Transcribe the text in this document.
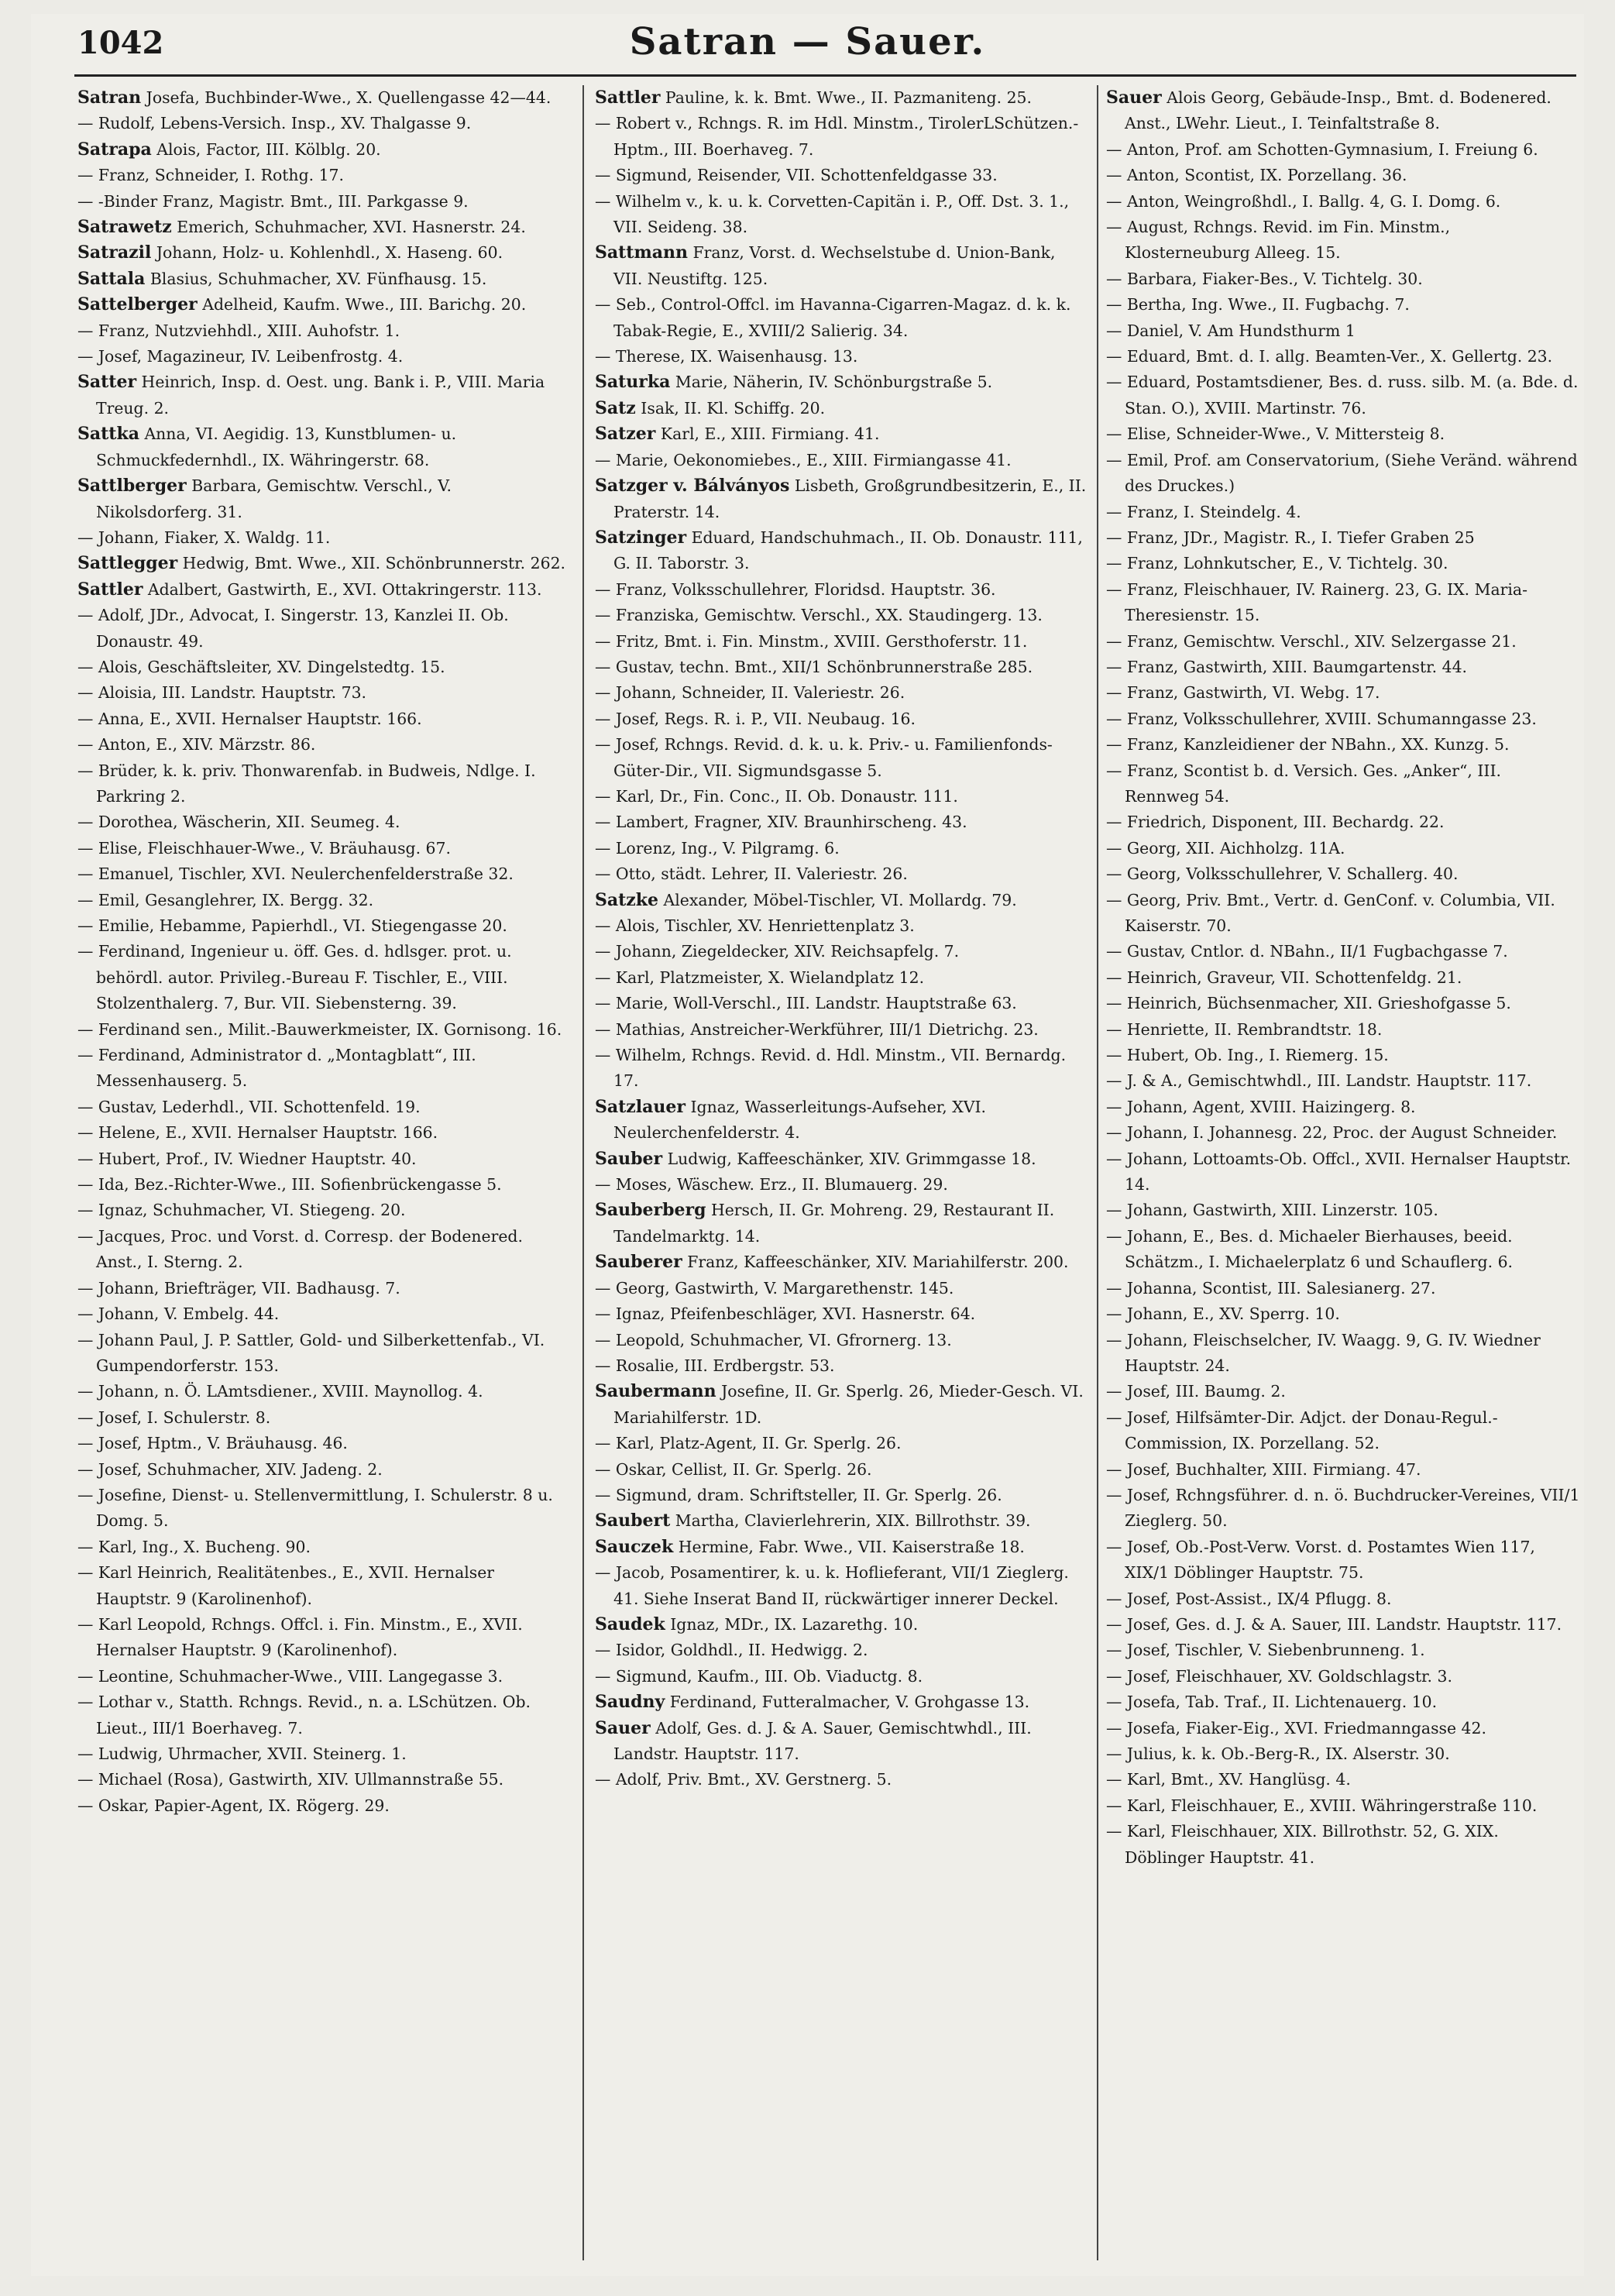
1042	Satran — Sauer.
Satran Josefa, Buchbinder-Wwe., X. Quellengasse 42—44.
— Rudolf, Lebens-Versich. Insp., XV. Thalgasse 9.
Satrapa Alois, Factor, III. Kölblg. 20.
— Franz, Schneider, I. Rothg. 17.
— -Binder Franz, Magistr. Bmt., III. Parkgasse 9.
Satrawetz Emerich, Schuhmacher, XVI. Hasnerstr. 24.
Satrazil Johann, Holz- u. Kohlenhdl., X. Haseng. 60.
Sattala Blasius, Schuhmacher, XV. Fünfhausg. 15.
Sattelberger Adelheid, Kaufm. Wwe., III. Barichg. 20.
— Franz, Nutzviehhdl., XIII. Auhofstr. 1.
— Josef, Magazineur, IV. Leibenfrostg. 4.
Satter Heinrich, Insp. d. Oest. ung. Bank i. P., VIII. Maria Treug. 2.
Sattka Anna, VI. Aegidig. 13, Kunstblumen- u. Schmuckfedernhdl., IX. Währingerstr. 68.
Sattlberger Barbara, Gemischtw. Verschl., V. Nikolsdorferg. 31.
— Johann, Fiaker, X. Waldg. 11.
Sattlegger Hedwig, Bmt. Wwe., XII. Schönbrunnerstr. 262.
Sattler Adalbert, Gastwirth, E., XVI. Ottakringerstr. 113.
— Adolf, JDr., Advocat, I. Singerstr. 13, Kanzlei II. Ob. Donaustr. 49.
— Alois, Geschäftsleiter, XV. Dingelstedtg. 15.
— Aloisia, III. Landstr. Hauptstr. 73.
— Anna, E., XVII. Hernalser Hauptstr. 166.
— Anton, E., XIV. Märzstr. 86.
— Brüder, k. k. priv. Thonwarenfab. in Budweis, Ndlge. I. Parkring 2.
— Dorothea, Wäscherin, XII. Seumeg. 4.
— Elise, Fleischhauer-Wwe., V. Bräuhausg. 67.
— Emanuel, Tischler, XVI. Neulerchenfelderstraße 32.
— Emil, Gesanglehrer, IX. Bergg. 32.
— Emilie, Hebamme, Papierhdl., VI. Stiegengasse 20.
— Ferdinand, Ingenieur u. öff. Ges. d. hdlsger. prot. u. behördl. autor. Privileg.-Bureau F. Tischler, E., VIII. Stolzenthalerg. 7, Bur. VII. Siebensterng. 39.
— Ferdinand sen., Milit.-Bauwerkmeister, IX. Gornisong. 16.
— Ferdinand, Administrator d. „Montagblatt“, III. Messenhauserg. 5.
— Gustav, Lederhdl., VII. Schottenfeld. 19.
— Helene, E., XVII. Hernalser Hauptstr. 166.
— Hubert, Prof., IV. Wiedner Hauptstr. 40.
— Ida, Bez.-Richter-Wwe., III. Sofienbrückengasse 5.
— Ignaz, Schuhmacher, VI. Stiegeng. 20.
— Jacques, Proc. und Vorst. d. Corresp. der Bodenered. Anst., I. Sterng. 2.
— Johann, Briefträger, VII. Badhausg. 7.
— Johann, V. Embelg. 44.
— Johann Paul, J. P. Sattler, Gold- und Silberkettenfab., VI. Gumpendorferstr. 153.
— Johann, n. Ö. LAmtsdiener., XVIII. Maynollog. 4.
— Josef, I. Schulerstr. 8.
— Josef, Hptm., V. Bräuhausg. 46.
— Josef, Schuhmacher, XIV. Jadeng. 2.
— Josefine, Dienst- u. Stellenvermittlung, I. Schulerstr. 8 u. Domg. 5.
— Karl, Ing., X. Bucheng. 90.
— Karl Heinrich, Realitätenbes., E., XVII. Hernalser Hauptstr. 9 (Karolinenhof).
— Karl Leopold, Rchngs. Offcl. i. Fin. Minstm., E., XVII. Hernalser Hauptstr. 9 (Karolinenhof).
— Leontine, Schuhmacher-Wwe., VIII. Langegasse 3.
— Lothar v., Statth. Rchngs. Revid., n. a. LSchützen. Ob. Lieut., III/1 Boerhaveg. 7.
— Ludwig, Uhrmacher, XVII. Steinerg. 1.
— Michael (Rosa), Gastwirth, XIV. Ullmannstraße 55.
— Oskar, Papier-Agent, IX. Rögerg. 29.
Sattler Pauline, k. k. Bmt. Wwe., II. Pazmaniteng. 25.
— Robert v., Rchngs. R. im Hdl. Minstm., TirolerLSchützen.-Hptm., III. Boerhaveg. 7.
— Sigmund, Reisender, VII. Schottenfeldgasse 33.
— Wilhelm v., k. u. k. Corvetten-Capitän i. P., Off. Dst. 3. 1., VII. Seideng. 38.
Sattmann Franz, Vorst. d. Wechselstube d. Union-Bank, VII. Neustiftg. 125.
— Seb., Control-Offcl. im Havanna-Cigarren-Magaz. d. k. k. Tabak-Regie, E., XVIII/2 Salierig. 34.
— Therese, IX. Waisenhausg. 13.
Saturka Marie, Näherin, IV. Schönburgstraße 5.
Satz Isak, II. Kl. Schiffg. 20.
Satzer Karl, E., XIII. Firmiang. 41.
— Marie, Oekonomiebes., E., XIII. Firmiangasse 41.
Satzger v. Bálványos Lisbeth, Großgrundbesitzerin, E., II. Praterstr. 14.
Satzinger Eduard, Handschuhmach., II. Ob. Donaustr. 111, G. II. Taborstr. 3.
— Franz, Volksschullehrer, Floridsd. Hauptstr. 36.
— Franziska, Gemischtw. Verschl., XX. Staudingerg. 13.
— Fritz, Bmt. i. Fin. Minstm., XVIII. Gersthoferstr. 11.
— Gustav, techn. Bmt., XII/1 Schönbrunnerstraße 285.
— Johann, Schneider, II. Valeriestr. 26.
— Josef, Regs. R. i. P., VII. Neubaug. 16.
— Josef, Rchngs. Revid. d. k. u. k. Priv.- u. Familienfonds-Güter-Dir., VII. Sigmundsgasse 5.
— Karl, Dr., Fin. Conc., II. Ob. Donaustr. 111.
— Lambert, Fragner, XIV. Braunhirscheng. 43.
— Lorenz, Ing., V. Pilgramg. 6.
— Otto, städt. Lehrer, II. Valeriestr. 26.
Satzke Alexander, Möbel-Tischler, VI. Mollardg. 79.
— Alois, Tischler, XV. Henriettenplatz 3.
— Johann, Ziegeldecker, XIV. Reichsapfelg. 7.
— Karl, Platzmeister, X. Wielandplatz 12.
— Marie, Woll-Verschl., III. Landstr. Hauptstraße 63.
— Mathias, Anstreicher-Werkführer, III/1 Dietrichg. 23.
— Wilhelm, Rchngs. Revid. d. Hdl. Minstm., VII. Bernardg. 17.
Satzlauer Ignaz, Wasserleitungs-Aufseher, XVI. Neulerchenfelderstr. 4.
Sauber Ludwig, Kaffeeschänker, XIV. Grimmgasse 18.
— Moses, Wäschew. Erz., II. Blumauerg. 29.
Sauberberg Hersch, II. Gr. Mohreng. 29, Restaurant II. Tandelmarktg. 14.
Sauberer Franz, Kaffeeschänker, XIV. Mariahilferstr. 200.
— Georg, Gastwirth, V. Margarethenstr. 145.
— Ignaz, Pfeifenbeschläger, XVI. Hasnerstr. 64.
— Leopold, Schuhmacher, VI. Gfrornerg. 13.
— Rosalie, III. Erdbergstr. 53.
Saubermann Josefine, II. Gr. Sperlg. 26, Mieder-Gesch. VI. Mariahilferstr. 1D.
— Karl, Platz-Agent, II. Gr. Sperlg. 26.
— Oskar, Cellist, II. Gr. Sperlg. 26.
— Sigmund, dram. Schriftsteller, II. Gr. Sperlg. 26.
Saubert Martha, Clavierlehrerin, XIX. Billrothstr. 39.
Sauczek Hermine, Fabr. Wwe., VII. Kaiserstraße 18.
— Jacob, Posamentirer, k. u. k. Hoflieferant, VII/1 Zieglerg. 41. Siehe Inserat Band II, rückwärtiger innerer Deckel.
Saudek Ignaz, MDr., IX. Lazarethg. 10.
— Isidor, Goldhdl., II. Hedwigg. 2.
— Sigmund, Kaufm., III. Ob. Viaductg. 8.
Saudny Ferdinand, Futteralmacher, V. Grohgasse 13.
Sauer Adolf, Ges. d. J. & A. Sauer, Gemischtwhdl., III. Landstr. Hauptstr. 117.
— Adolf, Priv. Bmt., XV. Gerstnerg. 5.
Sauer Alois Georg, Gebäude-Insp., Bmt. d. Bodenered. Anst., LWehr. Lieut., I. Teinfaltstraße 8.
— Anton, Prof. am Schotten-Gymnasium, I. Freiung 6.
— Anton, Scontist, IX. Porzellang. 36.
— Anton, Weingroßhdl., I. Ballg. 4, G. I. Domg. 6.
— August, Rchngs. Revid. im Fin. Minstm., Klosterneuburg Alleeg. 15.
— Barbara, Fiaker-Bes., V. Tichtelg. 30.
— Bertha, Ing. Wwe., II. Fugbachg. 7.
— Daniel, V. Am Hundsthurm 1
— Eduard, Bmt. d. I. allg. Beamten-Ver., X. Gellertg. 23.
— Eduard, Postamtsdiener, Bes. d. russ. silb. M. (a. Bde. d. Stan. O.), XVIII. Martinstr. 76.
— Elise, Schneider-Wwe., V. Mittersteig 8.
— Emil, Prof. am Conservatorium, (Siehe Veränd. während des Druckes.)
— Franz, I. Steindelg. 4.
— Franz, JDr., Magistr. R., I. Tiefer Graben 25
— Franz, Lohnkutscher, E., V. Tichtelg. 30.
— Franz, Fleischhauer, IV. Rainerg. 23, G. IX. Maria-Theresienstr. 15.
— Franz, Gemischtw. Verschl., XIV. Selzergasse 21.
— Franz, Gastwirth, XIII. Baumgartenstr. 44.
— Franz, Gastwirth, VI. Webg. 17.
— Franz, Volksschullehrer, XVIII. Schumanngasse 23.
— Franz, Kanzleidiener der NBahn., XX. Kunzg. 5.
— Franz, Scontist b. d. Versich. Ges. „Anker“, III. Rennweg 54.
— Friedrich, Disponent, III. Bechardg. 22.
— Georg, XII. Aichholzg. 11A.
— Georg, Volksschullehrer, V. Schallerg. 40.
— Georg, Priv. Bmt., Vertr. d. GenConf. v. Columbia, VII. Kaiserstr. 70.
— Gustav, Cntlor. d. NBahn., II/1 Fugbachgasse 7.
— Heinrich, Graveur, VII. Schottenfeldg. 21.
— Heinrich, Büchsenmacher, XII. Grieshofgasse 5.
— Henriette, II. Rembrandtstr. 18.
— Hubert, Ob. Ing., I. Riemerg. 15.
— J. & A., Gemischtwhdl., III. Landstr. Hauptstr. 117.
— Johann, Agent, XVIII. Haizingerg. 8.
— Johann, I. Johannesg. 22, Proc. der August Schneider.
— Johann, Lottoamts-Ob. Offcl., XVII. Hernalser Hauptstr. 14.
— Johann, Gastwirth, XIII. Linzerstr. 105.
— Johann, E., Bes. d. Michaeler Bierhauses, beeid. Schätzm., I. Michaelerplatz 6 und Schauflerg. 6.
— Johanna, Scontist, III. Salesianerg. 27.
— Johann, E., XV. Sperrg. 10.
— Johann, Fleischselcher, IV. Waagg. 9, G. IV. Wiedner Hauptstr. 24.
— Josef, III. Baumg. 2.
— Josef, Hilfsämter-Dir. Adjct. der Donau-Regul.-Commission, IX. Porzellang. 52.
— Josef, Buchhalter, XIII. Firmiang. 47.
— Josef, Rchngsführer. d. n. ö. Buchdrucker-Vereines, VII/1 Zieglerg. 50.
— Josef, Ob.-Post-Verw. Vorst. d. Postamtes Wien 117, XIX/1 Döblinger Hauptstr. 75.
— Josef, Post-Assist., IX/4 Pflugg. 8.
— Josef, Ges. d. J. & A. Sauer, III. Landstr. Hauptstr. 117.
— Josef, Tischler, V. Siebenbrunneng. 1.
— Josef, Fleischhauer, XV. Goldschlagstr. 3.
— Josefa, Tab. Traf., II. Lichtenauerg. 10.
— Josefa, Fiaker-Eig., XVI. Friedmanngasse 42.
— Julius, k. k. Ob.-Berg-R., IX. Alserstr. 30.
— Karl, Bmt., XV. Hanglüsg. 4.
— Karl, Fleischhauer, E., XVIII. Währingerstraße 110.
— Karl, Fleischhauer, XIX. Billrothstr. 52, G. XIX. Döblinger Hauptstr. 41.
